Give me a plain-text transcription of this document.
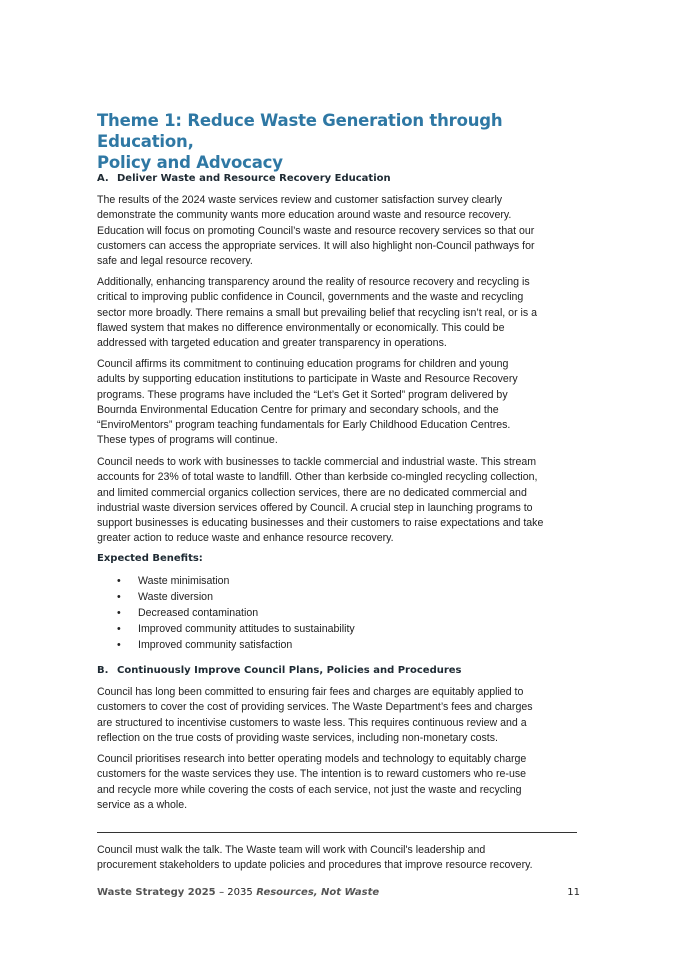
Theme 1: Reduce Waste Generation through Education,
Policy and Advocacy
A. Deliver Waste and Resource Recovery Education

The results of the 2024 waste services review and customer satisfaction survey clearly
demonstrate the community wants more education around waste and resource recovery.
Education will focus on promoting Council’s waste and resource recovery services so that our
customers can access the appropriate services. It will also highlight non-Council pathways for
safe and legal resource recovery.

Additionally, enhancing transparency around the reality of resource recovery and recycling is
critical to improving public confidence in Council, governments and the waste and recycling
sector more broadly. There remains a small but prevailing belief that recycling isn’t real, or is a
flawed system that makes no difference environmentally or economically. This could be
addressed with targeted education and greater transparency in operations.

Council affirms its commitment to continuing education programs for children and young
adults by supporting education institutions to participate in Waste and Resource Recovery
programs. These programs have included the “Let’s Get it Sorted” program delivered by
Bournda Environmental Education Centre for primary and secondary schools, and the
“EnviroMentors” program teaching fundamentals for Early Childhood Education Centres.
These types of programs will continue.

Council needs to work with businesses to tackle commercial and industrial waste. This stream
accounts for 23% of total waste to landfill. Other than kerbside co-mingled recycling collection,
and limited commercial organics collection services, there are no dedicated commercial and
industrial waste diversion services offered by Council. A crucial step in launching programs to
support businesses is educating businesses and their customers to raise expectations and take
greater action to reduce waste and enhance resource recovery.

Expected Benefits:
• Waste minimisation
• Waste diversion
• Decreased contamination
• Improved community attitudes to sustainability
• Improved community satisfaction
B. Continuously Improve Council Plans, Policies and Procedures

Council has long been committed to ensuring fair fees and charges are equitably applied to
customers to cover the cost of providing services. The Waste Department’s fees and charges
are structured to incentivise customers to waste less. This requires continuous review and a
reflection on the true costs of providing waste services, including non-monetary costs.

Council prioritises research into better operating models and technology to equitably charge
customers for the waste services they use. The intention is to reward customers who re-use
and recycle more while covering the costs of each service, not just the waste and recycling
service as a whole.

Council must walk the talk. The Waste team will work with Council's leadership and
procurement stakeholders to update policies and procedures that improve resource recovery.

Waste Strategy 2025 – 2035 Resources, Not Waste	11
